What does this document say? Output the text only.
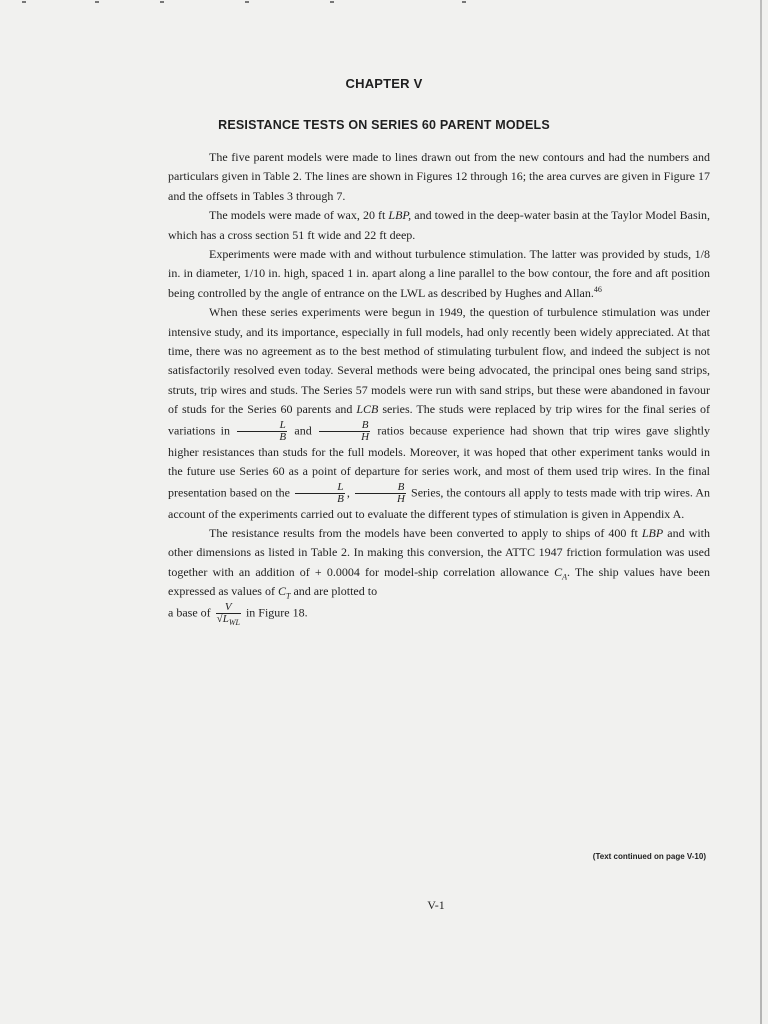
CHAPTER V
RESISTANCE TESTS ON SERIES 60 PARENT MODELS

The five parent models were made to lines drawn out from the new contours and had the numbers and particulars given in Table 2. The lines are shown in Figures 12 through 16; the area curves are given in Figure 17 and the offsets in Tables 3 through 7.

The models were made of wax, 20 ft LBP, and towed in the deep-water basin at the Taylor Model Basin, which has a cross section 51 ft wide and 22 ft deep.

Experiments were made with and without turbulence stimulation. The latter was provided by studs, 1/8 in. in diameter, 1/10 in. high, spaced 1 in. apart along a line parallel to the bow contour, the fore and aft position being controlled by the angle of entrance on the LWL as described by Hughes and Allan.$^{46}$

When these series experiments were begun in 1949, the question of turbulence stimulation was under intensive study, and its importance, especially in full models, had only recently been widely appreciated. At that time, there was no agreement as to the best method of stimulating turbulent flow, and indeed the subject is not satisfactorily resolved even today. Several methods were being advocated, the principal ones being sand strips, struts, trip wires and studs. The Series 57 models were run with sand strips, but these were abandoned in favour of studs for the Series 60 parents and LCB series. The studs were replaced by trip wires for the final series of variations in $\frac{L}{B}$ and $\frac{B}{H}$ ratios because experience had shown that trip wires gave slightly higher resistances than studs for the full models. Moreover, it was hoped that other experiment tanks would in the future use Series 60 as a point of departure for series work, and most of them used trip wires. In the final presentation based on the $\frac{L}{B}$ , $\frac{B}{H}$ Series, the contours all apply to tests made with trip wires. An account of the experiments carried out to evaluate the different types of stimulation is given in Appendix A.

The resistance results from the models have been converted to apply to ships of 400 ft LBP and with other dimensions as listed in Table 2. In making this conversion, the ATTC 1947 friction formulation was used together with an addition of + 0.0004 for model-ship correlation allowance $C_A$. The ship values have been expressed as values of $C_T$ and are plotted to

a base of $\frac{V}{√L_{WL}}$ in Figure 18.

(Text continued on page V-10)
V-1
